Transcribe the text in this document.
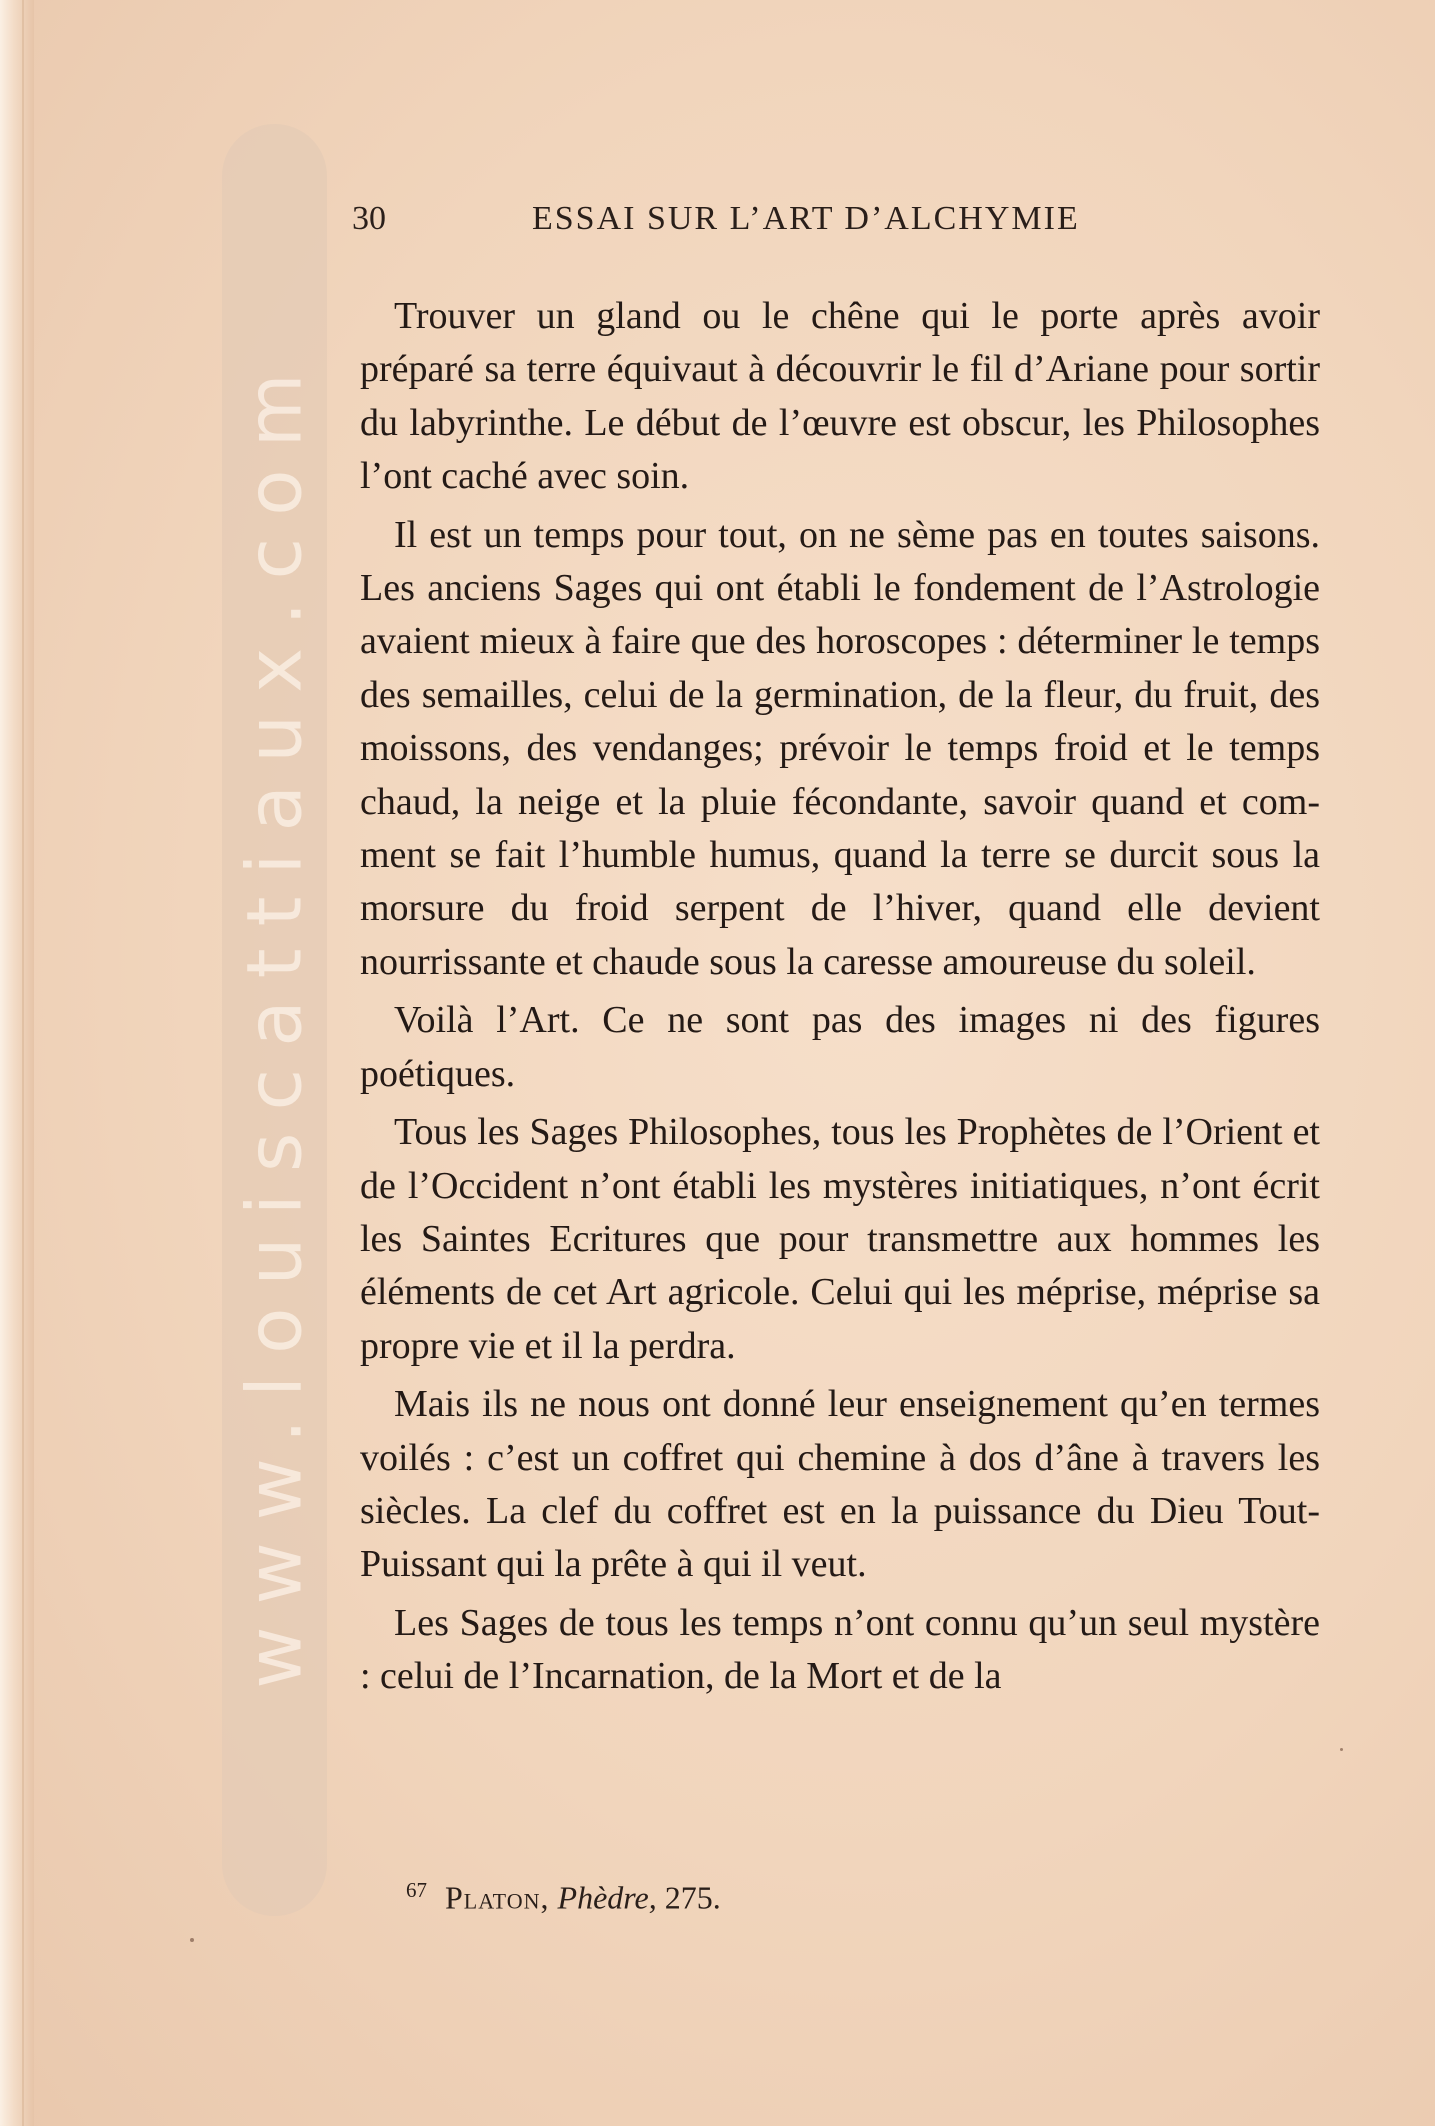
www.louiscattiaux.com
30	ESSAI SUR L’ART D’ALCHYMIE

Trouver un gland ou le chêne qui le porte après avoir préparé sa terre équivaut à découvrir le fil d’Ariane pour sortir du labyrinthe. Le début de l’œuvre est obscur, les Philosophes l’ont caché avec soin.

Il est un temps pour tout, on ne sème pas en toutes saisons. Les anciens Sages qui ont établi le fondement de l’Astrologie avaient mieux à faire que des horoscopes : déterminer le temps des semailles, celui de la germination, de la fleur, du fruit, des moissons, des vendanges; prévoir le temps froid et le temps chaud, la neige et la pluie fécondante, savoir quand et comment se fait l’humble humus, quand la terre se durcit sous la morsure du froid serpent de l’hiver, quand elle devient nourrissante et chaude sous la caresse amoureuse du soleil.

Voilà l’Art. Ce ne sont pas des images ni des figures poétiques.

Tous les Sages Philosophes, tous les Prophètes de l’Orient et de l’Occident n’ont établi les mystères initiatiques, n’ont écrit les Saintes Ecritures que pour transmettre aux hommes les éléments de cet Art agricole. Celui qui les méprise, méprise sa propre vie et il la perdra.

Mais ils ne nous ont donné leur enseignement qu’en termes voilés : c’est un coffret qui chemine à dos d’âne à travers les siècles. La clef du coffret est en la puissance du Dieu Tout-Puissant qui la prête à qui il veut.

Les Sages de tous les temps n’ont connu qu’un seul mystère : celui de l’Incarnation, de la Mort et de la

$^{67}$ Platon, Phèdre, 275.
